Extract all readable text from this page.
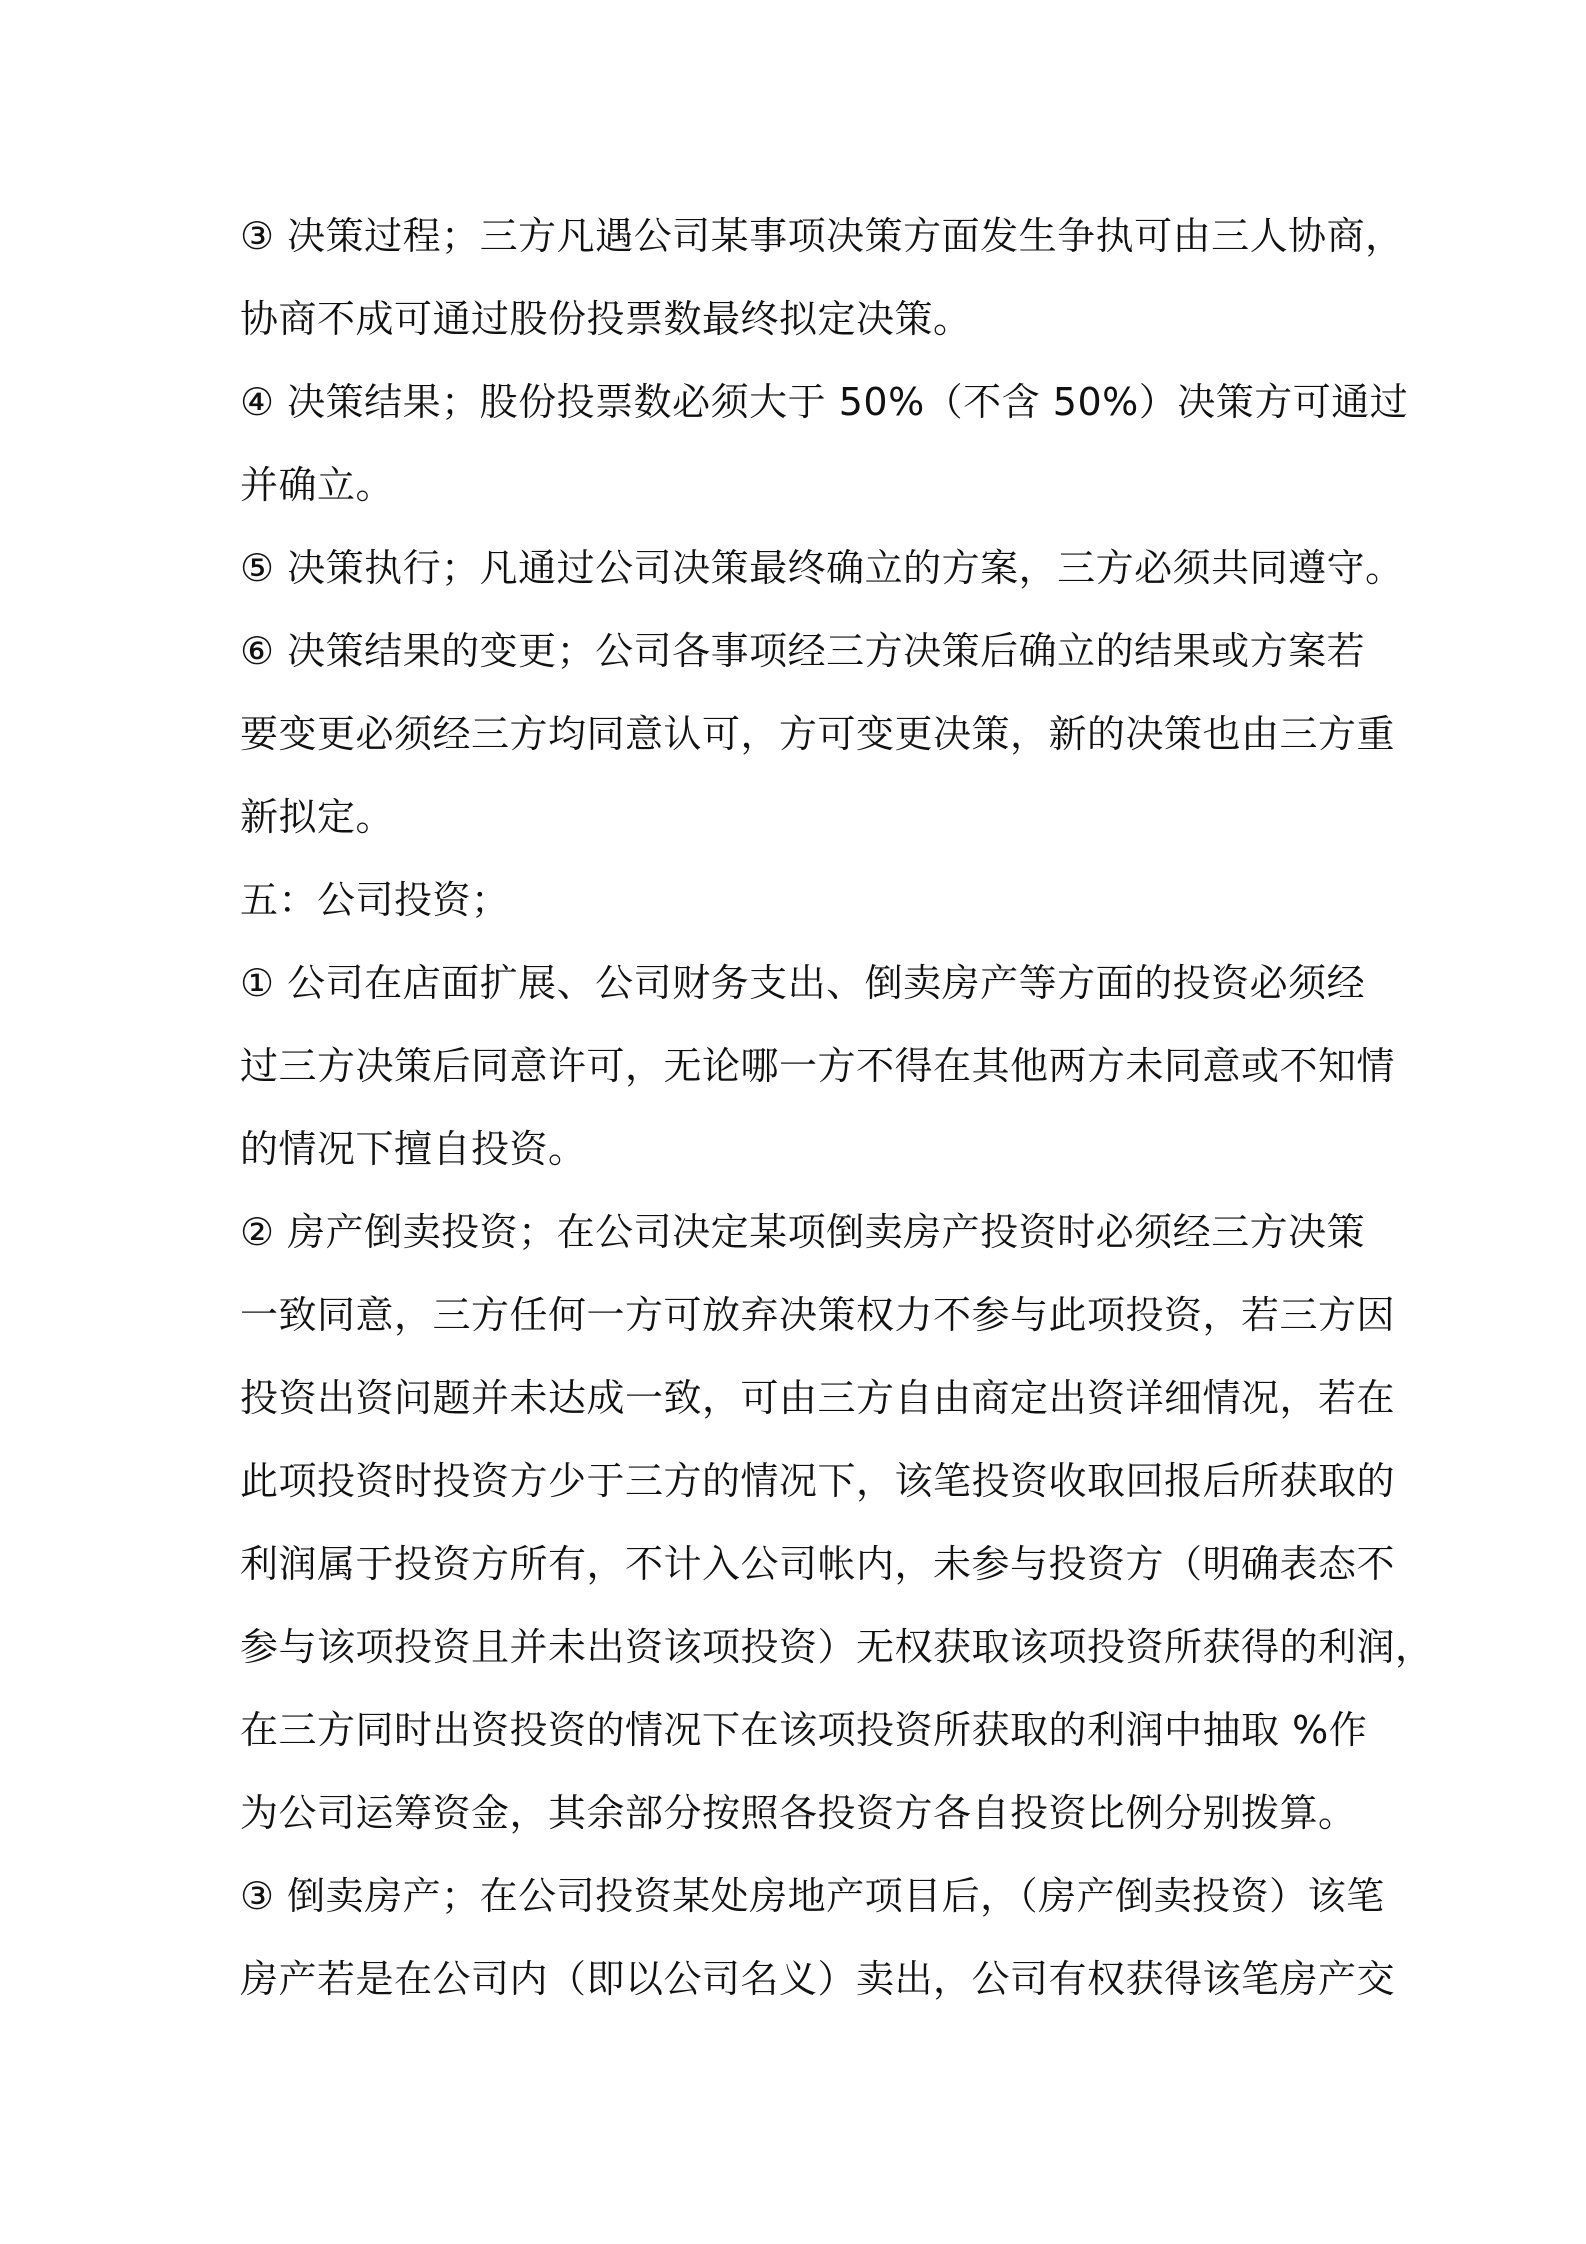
③ 决策过程；三方凡遇公司某事项决策方面发生争执可由三人协商，
协商不成可通过股份投票数最终拟定决策。
④ 决策结果；股份投票数必须大于 50%（不含 50%）决策方可通过
并确立。
⑤ 决策执行；凡通过公司决策最终确立的方案，三方必须共同遵守。
⑥ 决策结果的变更；公司各事项经三方决策后确立的结果或方案若
要变更必须经三方均同意认可，方可变更决策，新的决策也由三方重
新拟定。
五：公司投资；
① 公司在店面扩展、公司财务支出、倒卖房产等方面的投资必须经
过三方决策后同意许可，无论哪一方不得在其他两方未同意或不知情
的情况下擅自投资。
② 房产倒卖投资；在公司决定某项倒卖房产投资时必须经三方决策
一致同意，三方任何一方可放弃决策权力不参与此项投资，若三方因
投资出资问题并未达成一致，可由三方自由商定出资详细情况，若在
此项投资时投资方少于三方的情况下，该笔投资收取回报后所获取的
利润属于投资方所有，不计入公司帐内，未参与投资方（明确表态不
参与该项投资且并未出资该项投资）无权获取该项投资所获得的利润，
在三方同时出资投资的情况下在该项投资所获取的利润中抽取 %作
为公司运筹资金，其余部分按照各投资方各自投资比例分别拨算。
③ 倒卖房产；在公司投资某处房地产项目后，（房产倒卖投资）该笔
房产若是在公司内（即以公司名义）卖出，公司有权获得该笔房产交
